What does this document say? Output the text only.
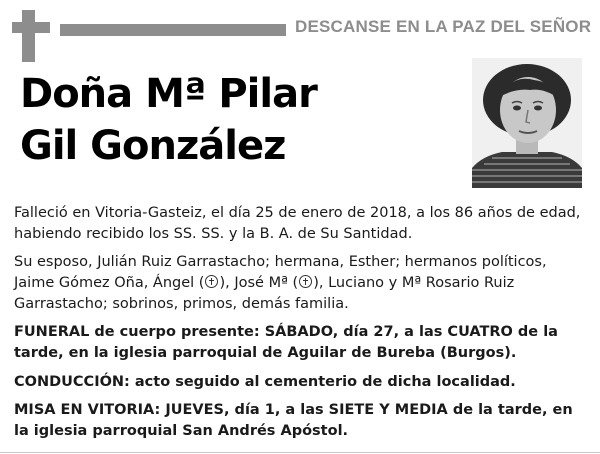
DESCANSE EN LA PAZ DEL SEÑOR
Doña Mª Pilar
Gil González
Falleció en Vitoria-Gasteiz, el día 25 de enero de 2018, a los 86 años de edad, habiendo recibido los SS. SS. y la B. A. de Su Santidad.
Su esposo, Julián Ruiz Garrastacho; hermana, Esther; hermanos políticos, Jaime Gómez Oña, Ángel ( ), José Mª ( ), Luciano y Mª Rosario Ruiz Garrastacho; sobrinos, primos, demás familia.
FUNERAL de cuerpo presente: SÁBADO, día 27, a las CUATRO de la tarde, en la iglesia parroquial de Aguilar de Bureba (Burgos).
CONDUCCIÓN: acto seguido al cementerio de dicha localidad.
MISA EN VITORIA: JUEVES, día 1, a las SIETE Y MEDIA de la tarde, en la iglesia parroquial San Andrés Apóstol.
